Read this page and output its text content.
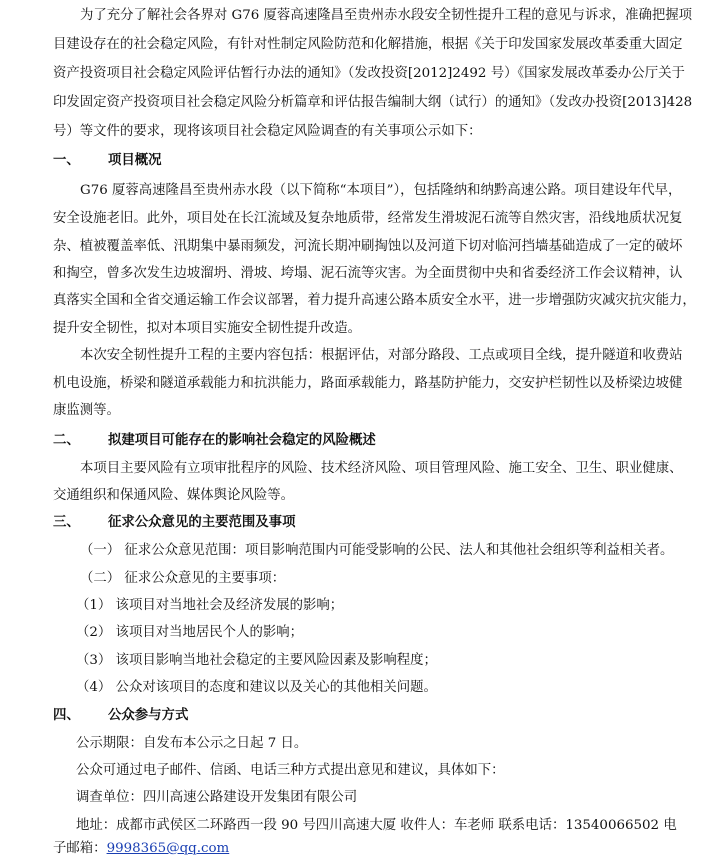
为了充分了解社会各界对 G76 厦蓉高速隆昌至贵州赤水段安全韧性提升工程的意见与诉求，准确把握项
目建设存在的社会稳定风险，有针对性制定风险防范和化解措施，根据《关于印发国家发展改革委重大固定
资产投资项目社会稳定风险评估暂行办法的通知》（发改投资[2012]2492 号）《国家发展改革委办公厅关于
印发固定资产投资项目社会稳定风险分析篇章和评估报告编制大纲（试行）的通知》（发改办投资[2013]428
号）等文件的要求，现将该项目社会稳定风险调查的有关事项公示如下：
一、 项目概况
G76 厦蓉高速隆昌至贵州赤水段（以下简称“本项目”），包括隆纳和纳黔高速公路。项目建设年代早，
安全设施老旧。此外，项目处在长江流域及复杂地质带，经常发生滑坡泥石流等自然灾害，沿线地质状况复
杂、植被覆盖率低、汛期集中暴雨频发，河流长期冲刷掏蚀以及河道下切对临河挡墙基础造成了一定的破坏
和掏空，曾多次发生边坡溜坍、滑坡、垮塌、泥石流等灾害。为全面贯彻中央和省委经济工作会议精神，认
真落实全国和全省交通运输工作会议部署，着力提升高速公路本质安全水平，进一步增强防灾减灾抗灾能力，
提升安全韧性，拟对本项目实施安全韧性提升改造。
本次安全韧性提升工程的主要内容包括：根据评估，对部分路段、工点或项目全线，提升隧道和收费站
机电设施，桥梁和隧道承载能力和抗洪能力，路面承载能力，路基防护能力，交安护栏韧性以及桥梁边坡健
康监测等。
二、 拟建项目可能存在的影响社会稳定的风险概述
本项目主要风险有立项审批程序的风险、技术经济风险、项目管理风险、施工安全、卫生、职业健康、
交通组织和保通风险、媒体舆论风险等。
三、 征求公众意见的主要范围及事项
（一） 征求公众意见范围：项目影响范围内可能受影响的公民、法人和其他社会组织等利益相关者。
（二） 征求公众意见的主要事项：
（1） 该项目对当地社会及经济发展的影响；
（2） 该项目对当地居民个人的影响；
（3） 该项目影响当地社会稳定的主要风险因素及影响程度；
（4） 公众对该项目的态度和建议以及关心的其他相关问题。
四、 公众参与方式
公示期限：自发布本公示之日起 7 日。
公众可通过电子邮件、信函、电话三种方式提出意见和建议，具体如下：
调查单位：四川高速公路建设开发集团有限公司
地址：成都市武侯区二环路西一段 90 号四川高速大厦 收件人：车老师 联系电话：13540066502 电
子邮箱：9998365@qq.com
